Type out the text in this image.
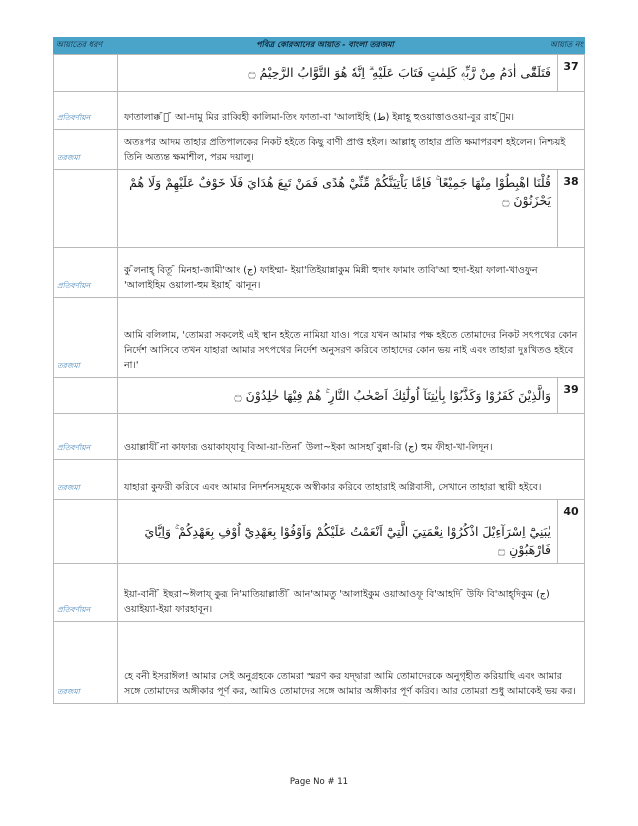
আয়াতের ধরণ	পবিত্র কোরআনের আয়াত - বাংলা তরজমা	আয়াত নং
	فَتَلَقّٰٓى اٰدَمُ مِنْ رَّبِّهٖ كَلِمٰتٍ فَتَابَ عَلَيْهِ ۗ اِنَّهٗ هُوَ التَّوَّابُ الرَّحِيْمُ ۝	37
প্রতিবর্ণায়ন	ফাতালাক্ক ̄া ̄ আ-দামু মির রাব্বিহী কালিমা-তিং ফাতা-বা 'আলাইহি (ط) ইন্নাহূ হুওয়াত্তাওওয়া-বুর রাহ ̄ীম।	
তরজমা	অতঃপর আদম তাহার প্রতিপালকের নিকট হইতে কিছু বাণী প্রাপ্ত হইল। আল্লাহ্‌ তাহার প্রতি ক্ষমাপরবশ হইলেন। নিশ্চয়ই তিনি অত্যন্ত ক্ষমাশীল, পরম দয়ালু।	
	قُلْنَا اهْبِطُوْا مِنْهَا جَمِيْعًا ۚ فَاِمَّا يَاْتِيَنَّكُمْ مِّنِّيْ هُدًى فَمَنْ تَبِعَ هُدَايَ فَلَا خَوْفٌ عَلَيْهِمْ وَلَا هُمْ يَحْزَنُوْنَ ۝	38
প্রতিবর্ণায়ন	কু ̄লনাহ্‌ বিতূ ̄ মিনহা-জামী'আং (ج) ফাইম্মা- ইয়া'তিইয়ান্নাকুম মিন্নী হুদাং ফামাং তাবি'আ হুদা-ইয়া ফালা-খাওফুন 'আলাইহিম ওয়ালা-হুম ইয়াহ ̄ ঝানূন।	
তরজমা	আমি বলিলাম, 'তোমরা সকলেই এই স্থান হইতে নামিয়া যাও। পরে যখন আমার পক্ষ হইতে তোমাদের নিকট সৎপথের কোন নির্দেশ আসিবে তখন যাহারা আমার সৎপথের নির্দেশ অনুসরণ করিবে তাহাদের কোন ভয় নাই এবং তাহারা দুঃখিতও হইবে না।'	
	وَالَّذِيْنَ كَفَرُوْا وَكَذَّبُوْا بِاٰيٰتِنَآ اُولٰٓئِكَ اَصْحٰبُ النَّارِ ۚ هُمْ فِيْهَا خٰلِدُوْنَ ۝	39
প্রতিবর্ণায়ন	ওয়াল্লাযী ̄না কাফারূ ওয়াকায্‌যাবূ বিআ-য়া-তিনা ̄ উলা~ইকা আসহা ̄বুন্না-রি (ج) হুম ফীহা-খা-লিদূন।	
তরজমা	যাহারা কুফরী করিবে এবং আমার নিদর্শনসমূহকে অস্বীকার করিবে তাহারাই অগ্নিবাসী, সেখানে তাহারা স্থায়ী হইবে।	
	يٰبَنِيْٓ اِسْرَآءِيْلَ اذْكُرُوْا نِعْمَتِيَ الَّتِيْٓ اَنْعَمْتُ عَلَيْكُمْ وَاَوْفُوْا بِعَهْدِيْٓ اُوْفِ بِعَهْدِكُمْ ۚ وَاِيَّايَ فَارْهَبُوْنِ ۝	40
প্রতিবর্ণায়ন	ইয়া-বানী ̄ ইছরা~ঈলায্‌ কুরূ নি'মাতিয়াল্লাতী ̄ আন'আমতু 'আলাইকুম ওয়াআওফূ বি'আহদি ̄ উফি বি'আহ্‌দিকুম (ج) ওয়াইয়্যা-ইয়া ফারহাবূন।	
তরজমা	হে বনী ইসরাঈল! আমার সেই অনুগ্রহকে তোমরা স্মরণ কর যদ্দ্বারা আমি তোমাদেরকে অনুগৃহীত করিয়াছি এবং আমার সঙ্গে তোমাদের অঙ্গীকার পূর্ণ কর, আমিও তোমাদের সঙ্গে আমার অঙ্গীকার পূর্ণ করিব। আর তোমরা শুধু আমাকেই ভয় কর।	
Page No # 11
